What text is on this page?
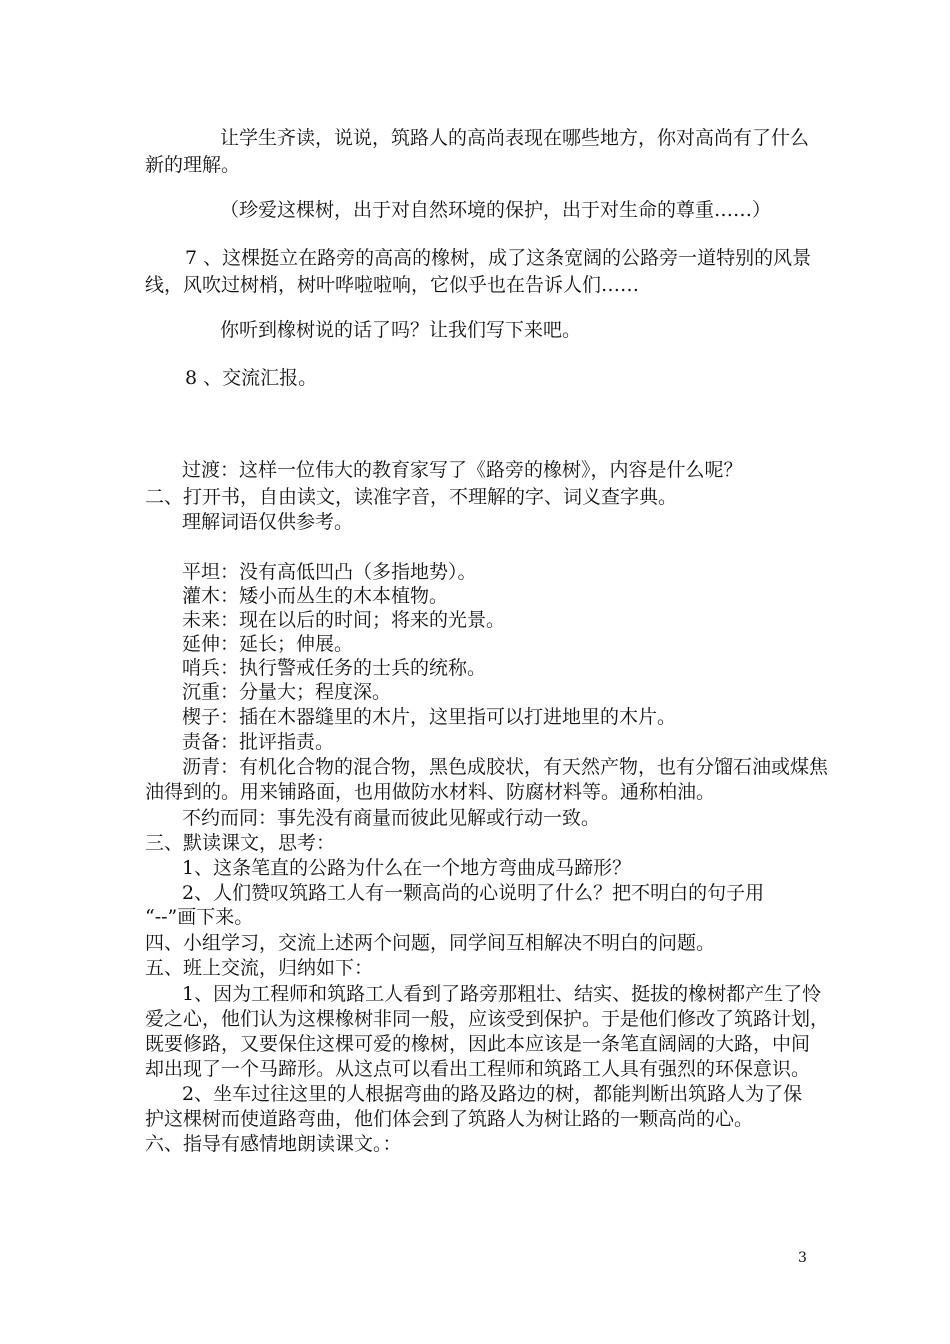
让学生齐读，说说，筑路人的高尚表现在哪些地方，你对高尚有了什么
新的理解。
（珍爱这棵树，出于对自然环境的保护，出于对生命的尊重……）
7 、这棵挺立在路旁的高高的橡树，成了这条宽阔的公路旁一道特别的风景
线，风吹过树梢，树叶哗啦啦响，它似乎也在告诉人们……
你听到橡树说的话了吗？让我们写下来吧。
8 、交流汇报。
过渡：这样一位伟大的教育家写了《路旁的橡树》，内容是什么呢？
二、打开书，自由读文，读准字音，不理解的字、词义查字典。
理解词语仅供参考。
平坦：没有高低凹凸（多指地势）。
灌木：矮小而丛生的木本植物。
未来：现在以后的时间；将来的光景。
延伸：延长；伸展。
哨兵：执行警戒任务的士兵的统称。
沉重：分量大；程度深。
楔子：插在木器缝里的木片，这里指可以打进地里的木片。
责备：批评指责。
沥青：有机化合物的混合物，黑色成胶状，有天然产物，也有分馏石油或煤焦
油得到的。用来铺路面，也用做防水材料、防腐材料等。通称柏油。
不约而同：事先没有商量而彼此见解或行动一致。
三、默读课文，思考：
1、这条笔直的公路为什么在一个地方弯曲成马蹄形？
2、人们赞叹筑路工人有一颗高尚的心说明了什么？把不明白的句子用
“--”画下来。
四、小组学习，交流上述两个问题，同学间互相解决不明白的问题。
五、班上交流，归纳如下：
1、因为工程师和筑路工人看到了路旁那粗壮、结实、挺拔的橡树都产生了怜
爱之心，他们认为这棵橡树非同一般，应该受到保护。于是他们修改了筑路计划，
既要修路，又要保住这棵可爱的橡树，因此本应该是一条笔直阔阔的大路，中间
却出现了一个马蹄形。从这点可以看出工程师和筑路工人具有强烈的环保意识。
2、坐车过往这里的人根据弯曲的路及路边的树，都能判断出筑路人为了保
护这棵树而使道路弯曲，他们体会到了筑路人为树让路的一颗高尚的心。
六、指导有感情地朗读课文。：
3
